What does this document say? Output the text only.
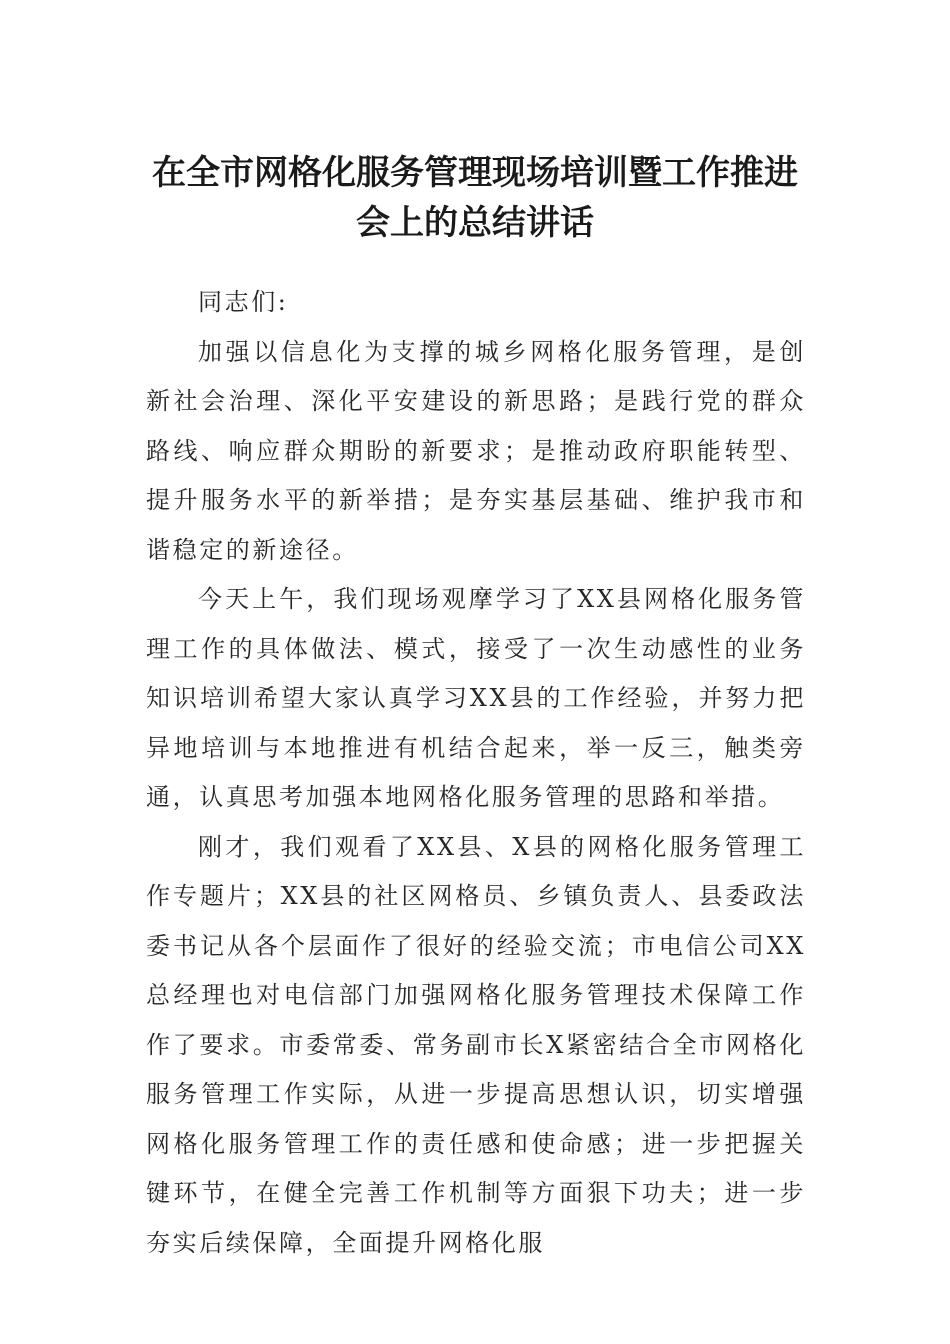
在全市网格化服务管理现场培训暨工作推进会上的总结讲话

同志们:

加强以信息化为支撑的城乡网格化服务管理，是创新社会治理、深化平安建设的新思路；是践行党的群众路线、响应群众期盼的新要求；是推动政府职能转型、提升服务水平的新举措；是夯实基层基础、维护我市和谐稳定的新途径。

今天上午，我们现场观摩学习了XX县网格化服务管理工作的具体做法、模式，接受了一次生动感性的业务知识培训希望大家认真学习XX县的工作经验，并努力把异地培训与本地推进有机结合起来，举一反三，触类旁通，认真思考加强本地网格化服务管理的思路和举措。

刚才，我们观看了XX县、X县的网格化服务管理工作专题片；XX县的社区网格员、乡镇负责人、县委政法委书记从各个层面作了很好的经验交流；市电信公司XX总经理也对电信部门加强网格化服务管理技术保障工作作了要求。市委常委、常务副市长X紧密结合全市网格化服务管理工作实际，从进一步提高思想认识，切实增强网格化服务管理工作的责任感和使命感；进一步把握关键环节，在健全完善工作机制等方面狠下功夫；进一步夯实后续保障，全面提升网格化服
